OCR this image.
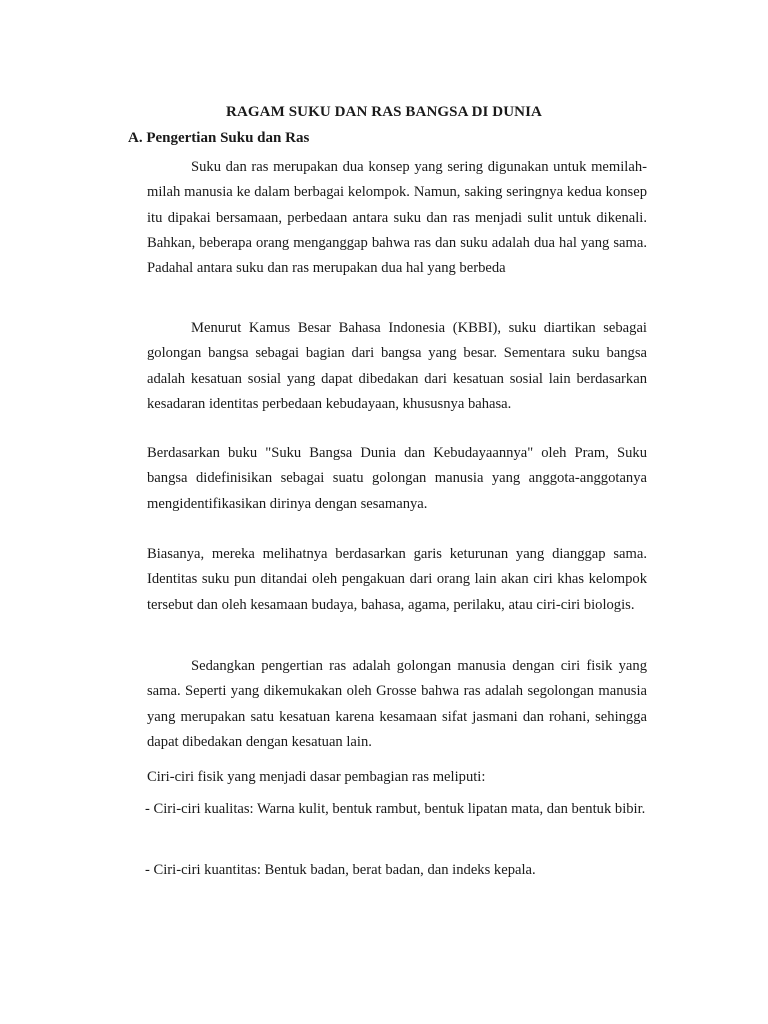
RAGAM SUKU DAN RAS BANGSA DI DUNIA
A. Pengertian Suku dan Ras

Suku dan ras merupakan dua konsep yang sering digunakan untuk memilah-milah manusia ke dalam berbagai kelompok. Namun, saking seringnya kedua konsep itu dipakai bersamaan, perbedaan antara suku dan ras menjadi sulit untuk dikenali. Bahkan, beberapa orang menganggap bahwa ras dan suku adalah dua hal yang sama. Padahal antara suku dan ras merupakan dua hal yang berbeda

Menurut Kamus Besar Bahasa Indonesia (KBBI), suku diartikan sebagai golongan bangsa sebagai bagian dari bangsa yang besar. Sementara suku bangsa adalah kesatuan sosial yang dapat dibedakan dari kesatuan sosial lain berdasarkan kesadaran identitas perbedaan kebudayaan, khususnya bahasa.

Berdasarkan buku "Suku Bangsa Dunia dan Kebudayaannya" oleh Pram, Suku bangsa didefinisikan sebagai suatu golongan manusia yang anggota-anggotanya mengidentifikasikan dirinya dengan sesamanya.

Biasanya, mereka melihatnya berdasarkan garis keturunan yang dianggap sama. Identitas suku pun ditandai oleh pengakuan dari orang lain akan ciri khas kelompok tersebut dan oleh kesamaan budaya, bahasa, agama, perilaku, atau ciri-ciri biologis.

Sedangkan pengertian ras adalah golongan manusia dengan ciri fisik yang sama. Seperti yang dikemukakan oleh Grosse bahwa ras adalah segolongan manusia yang merupakan satu kesatuan karena kesamaan sifat jasmani dan rohani, sehingga dapat dibedakan dengan kesatuan lain.

Ciri-ciri fisik yang menjadi dasar pembagian ras meliputi:

- Ciri-ciri kualitas: Warna kulit, bentuk rambut, bentuk lipatan mata, dan bentuk bibir.

- Ciri-ciri kuantitas: Bentuk badan, berat badan, dan indeks kepala.
